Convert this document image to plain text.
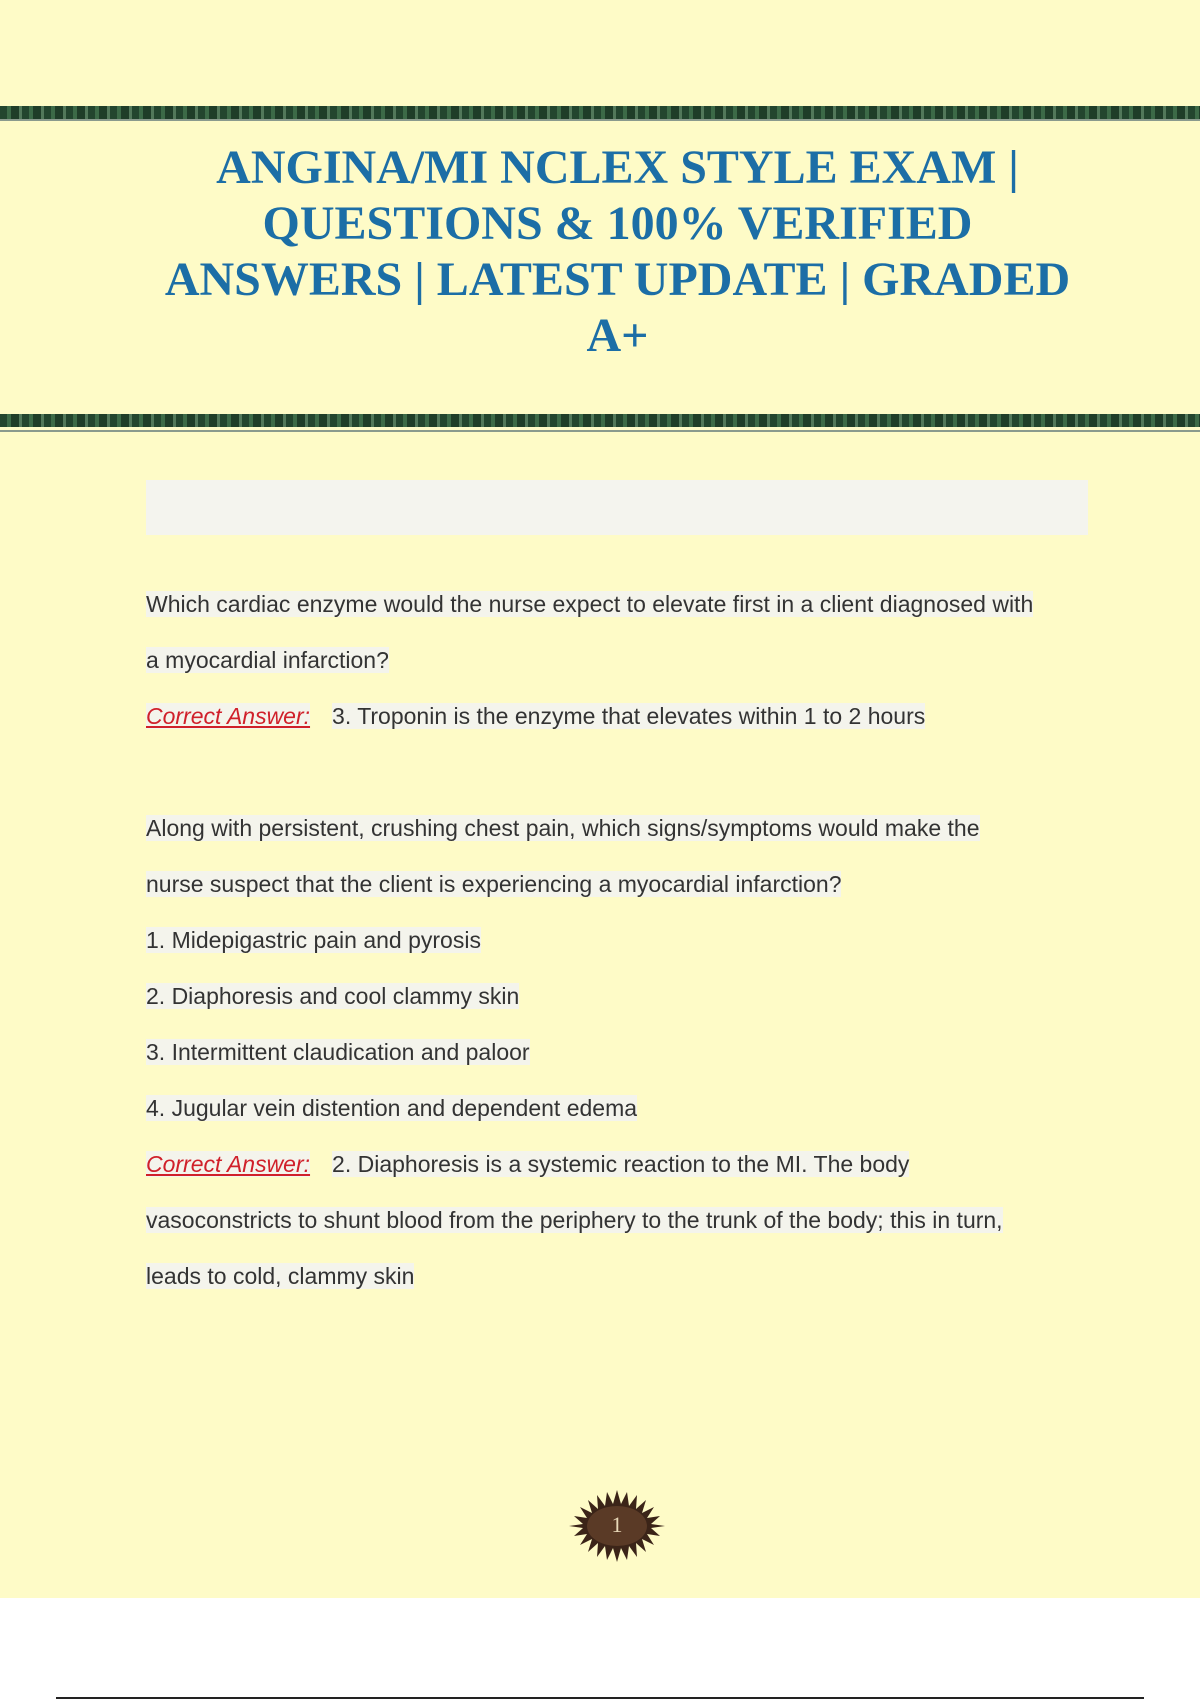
ANGINA/MI NCLEX STYLE EXAM | QUESTIONS & 100% VERIFIED ANSWERS | LATEST UPDATE | GRADED A+
Which cardiac enzyme would the nurse expect to elevate first in a client diagnosed with
a myocardial infarction?
Correct Answer: 3. Troponin is the enzyme that elevates within 1 to 2 hours
Along with persistent, crushing chest pain, which signs/symptoms would make the
nurse suspect that the client is experiencing a myocardial infarction?
1. Midepigastric pain and pyrosis
2. Diaphoresis and cool clammy skin
3. Intermittent claudication and paloor
4. Jugular vein distention and dependent edema
Correct Answer: 2. Diaphoresis is a systemic reaction to the MI. The body
vasoconstricts to shunt blood from the periphery to the trunk of the body; this in turn,
leads to cold, clammy skin
1
